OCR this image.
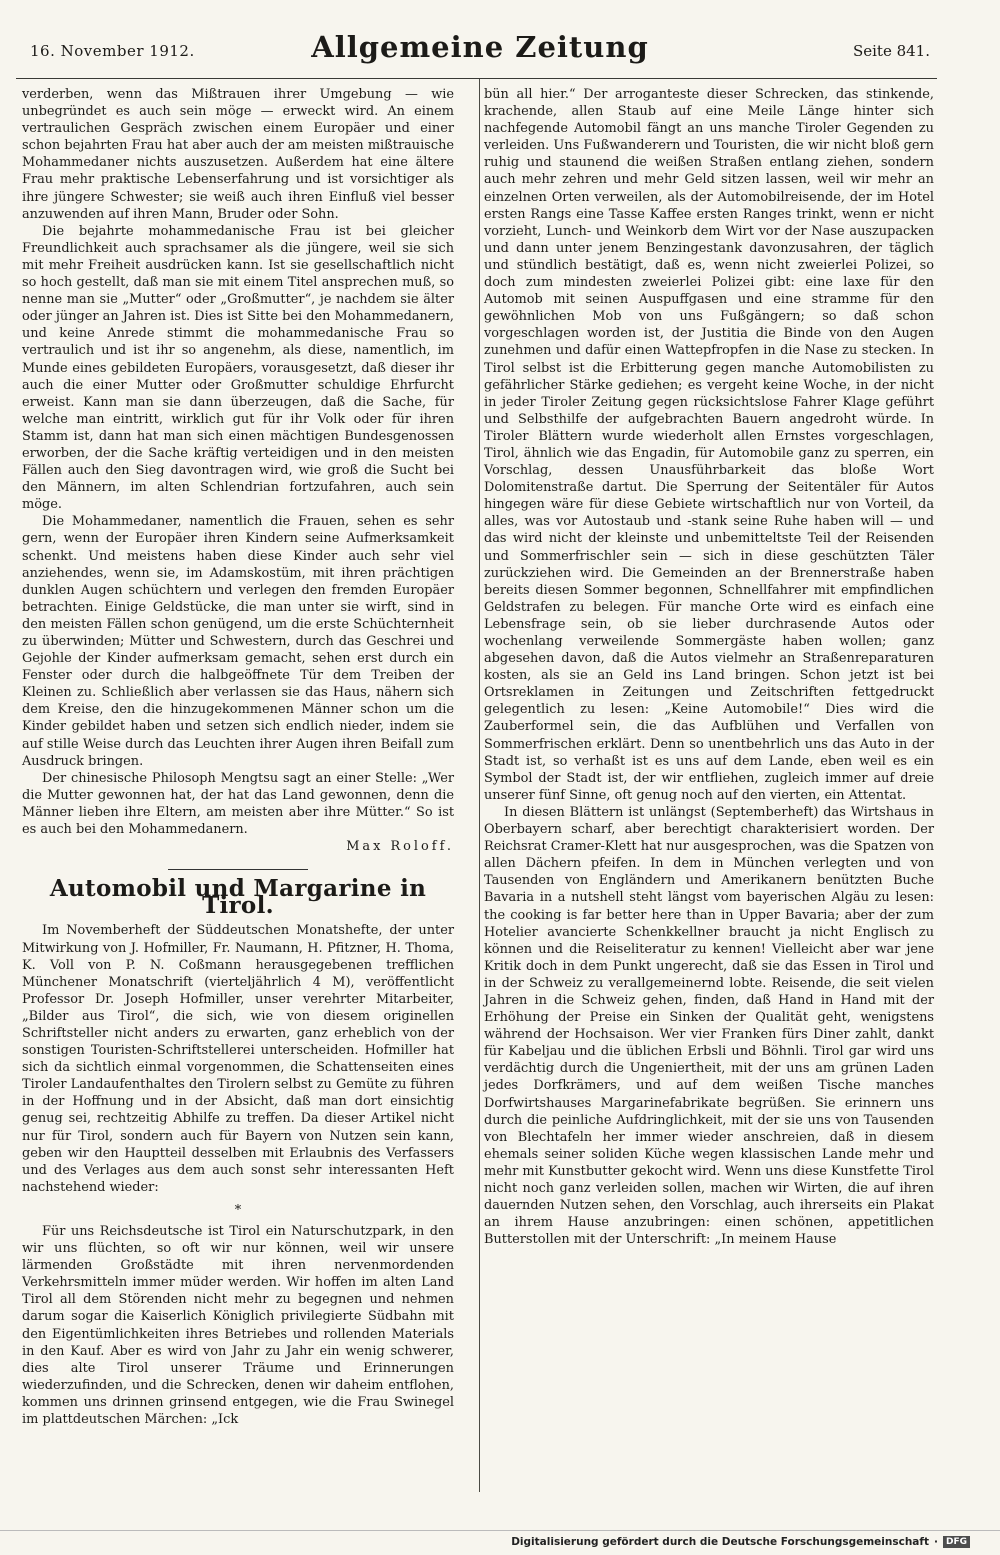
16. November 1912.	Allgemeine Zeitung	Seite 841.

verderben, wenn das Mißtrauen ihrer Umgebung — wie unbegründet es auch sein möge — erweckt wird. An einem vertraulichen Gespräch zwischen einem Europäer und einer schon bejahrten Frau hat aber auch der am meisten mißtrauische Mohammedaner nichts auszusetzen. Außerdem hat eine ältere Frau mehr praktische Lebenserfahrung und ist vorsichtiger als ihre jüngere Schwester; sie weiß auch ihren Einfluß viel besser anzuwenden auf ihren Mann, Bruder oder Sohn.

Die bejahrte mohammedanische Frau ist bei gleicher Freundlichkeit auch sprachsamer als die jüngere, weil sie sich mit mehr Freiheit ausdrücken kann. Ist sie gesellschaftlich nicht so hoch gestellt, daß man sie mit einem Titel ansprechen muß, so nenne man sie „Mutter“ oder „Großmutter“, je nachdem sie älter oder jünger an Jahren ist. Dies ist Sitte bei den Mohammedanern, und keine Anrede stimmt die mohammedanische Frau so vertraulich und ist ihr so angenehm, als diese, namentlich, im Munde eines gebildeten Europäers, vorausgesetzt, daß dieser ihr auch die einer Mutter oder Großmutter schuldige Ehrfurcht erweist. Kann man sie dann überzeugen, daß die Sache, für welche man eintritt, wirklich gut für ihr Volk oder für ihren Stamm ist, dann hat man sich einen mächtigen Bundesgenossen erworben, der die Sache kräftig verteidigen und in den meisten Fällen auch den Sieg davontragen wird, wie groß die Sucht bei den Männern, im alten Schlendrian fortzufahren, auch sein möge.

Die Mohammedaner, namentlich die Frauen, sehen es sehr gern, wenn der Europäer ihren Kindern seine Aufmerksamkeit schenkt. Und meistens haben diese Kinder auch sehr viel anziehendes, wenn sie, im Adamskostüm, mit ihren prächtigen dunklen Augen schüchtern und verlegen den fremden Europäer betrachten. Einige Geldstücke, die man unter sie wirft, sind in den meisten Fällen schon genügend, um die erste Schüchternheit zu überwinden; Mütter und Schwestern, durch das Geschrei und Gejohle der Kinder aufmerksam gemacht, sehen erst durch ein Fenster oder durch die halbgeöffnete Tür dem Treiben der Kleinen zu. Schließlich aber verlassen sie das Haus, nähern sich dem Kreise, den die hinzugekommenen Männer schon um die Kinder gebildet haben und setzen sich endlich nieder, indem sie auf stille Weise durch das Leuchten ihrer Augen ihren Beifall zum Ausdruck bringen.

Der chinesische Philosoph Mengtsu sagt an einer Stelle: „Wer die Mutter gewonnen hat, der hat das Land gewonnen, denn die Männer lieben ihre Eltern, am meisten aber ihre Mütter.“ So ist es auch bei den Mohammedanern.

Max Roloff.

Automobil und Margarine in Tirol.

Im Novemberheft der Süddeutschen Monatshefte, der unter Mitwirkung von J. Hofmiller, Fr. Naumann, H. Pfitzner, H. Thoma, K. Voll von P. N. Coßmann herausgegebenen trefflichen Münchener Monatschrift (vierteljährlich 4 M), veröffentlicht Professor Dr. Joseph Hofmiller, unser verehrter Mitarbeiter, „Bilder aus Tirol“, die sich, wie von diesem originellen Schriftsteller nicht anders zu erwarten, ganz erheblich von der sonstigen Touristen-Schriftstellerei unterscheiden. Hofmiller hat sich da sichtlich einmal vorgenommen, die Schattenseiten eines Tiroler Landaufenthaltes den Tirolern selbst zu Gemüte zu führen in der Hoffnung und in der Absicht, daß man dort einsichtig genug sei, rechtzeitig Abhilfe zu treffen. Da dieser Artikel nicht nur für Tirol, sondern auch für Bayern von Nutzen sein kann, geben wir den Hauptteil desselben mit Erlaubnis des Verfassers und des Verlages aus dem auch sonst sehr interessanten Heft nachstehend wieder:

*

Für uns Reichsdeutsche ist Tirol ein Naturschutzpark, in den wir uns flüchten, so oft wir nur können, weil wir unsere lärmenden Großstädte mit ihren nervenmordenden Verkehrsmitteln immer müder werden. Wir hoffen im alten Land Tirol all dem Störenden nicht mehr zu begegnen und nehmen darum sogar die Kaiserlich Königlich privilegierte Südbahn mit den Eigentümlichkeiten ihres Betriebes und rollenden Materials in den Kauf. Aber es wird von Jahr zu Jahr ein wenig schwerer, dies alte Tirol unserer Träume und Erinnerungen wiederzufinden, und die Schrecken, denen wir daheim entflohen, kommen uns drinnen grinsend entgegen, wie die Frau Swinegel im plattdeutschen Märchen: „Ick

bün all hier.“ Der arroganteste dieser Schrecken, das stinkende, krachende, allen Staub auf eine Meile Länge hinter sich nachfegende Automobil fängt an uns manche Tiroler Gegenden zu verleiden. Uns Fußwanderern und Touristen, die wir nicht bloß gern ruhig und staunend die weißen Straßen entlang ziehen, sondern auch mehr zehren und mehr Geld sitzen lassen, weil wir mehr an einzelnen Orten verweilen, als der Automobilreisende, der im Hotel ersten Rangs eine Tasse Kaffee ersten Ranges trinkt, wenn er nicht vorzieht, Lunch- und Weinkorb dem Wirt vor der Nase auszupacken und dann unter jenem Benzingestank davonzusahren, der täglich und stündlich bestätigt, daß es, wenn nicht zweierlei Polizei, so doch zum mindesten zweierlei Polizei gibt: eine laxe für den Automob mit seinen Auspuffgasen und eine stramme für den gewöhnlichen Mob von uns Fußgängern; so daß schon vorgeschlagen worden ist, der Justitia die Binde von den Augen zunehmen und dafür einen Wattepfropfen in die Nase zu stecken. In Tirol selbst ist die Erbitterung gegen manche Automobilisten zu gefährlicher Stärke gediehen; es vergeht keine Woche, in der nicht in jeder Tiroler Zeitung gegen rücksichtslose Fahrer Klage geführt und Selbsthilfe der aufgebrachten Bauern angedroht würde. In Tiroler Blättern wurde wiederholt allen Ernstes vorgeschlagen, Tirol, ähnlich wie das Engadin, für Automobile ganz zu sperren, ein Vorschlag, dessen Unausführbarkeit das bloße Wort Dolomitenstraße dartut. Die Sperrung der Seitentäler für Autos hingegen wäre für diese Gebiete wirtschaftlich nur von Vorteil, da alles, was vor Autostaub und -stank seine Ruhe haben will — und das wird nicht der kleinste und unbemitteltste Teil der Reisenden und Sommerfrischler sein — sich in diese geschützten Täler zurückziehen wird. Die Gemeinden an der Brennerstraße haben bereits diesen Sommer begonnen, Schnellfahrer mit empfindlichen Geldstrafen zu belegen. Für manche Orte wird es einfach eine Lebensfrage sein, ob sie lieber durchrasende Autos oder wochenlang verweilende Sommergäste haben wollen; ganz abgesehen davon, daß die Autos vielmehr an Straßenreparaturen kosten, als sie an Geld ins Land bringen. Schon jetzt ist bei Ortsreklamen in Zeitungen und Zeitschriften fettgedruckt gelegentlich zu lesen: „Keine Automobile!“ Dies wird die Zauberformel sein, die das Aufblühen und Verfallen von Sommerfrischen erklärt. Denn so unentbehrlich uns das Auto in der Stadt ist, so verhaßt ist es uns auf dem Lande, eben weil es ein Symbol der Stadt ist, der wir entfliehen, zugleich immer auf dreie unserer fünf Sinne, oft genug noch auf den vierten, ein Attentat.

In diesen Blättern ist unlängst (Septemberheft) das Wirtshaus in Oberbayern scharf, aber berechtigt charakterisiert worden. Der Reichsrat Cramer-Klett hat nur ausgesprochen, was die Spatzen von allen Dächern pfeifen. In dem in München verlegten und von Tausenden von Engländern und Amerikanern benützten Buche Bavaria in a nutshell steht längst vom bayerischen Algäu zu lesen: the cooking is far better here than in Upper Bavaria; aber der zum Hotelier avancierte Schenkkellner braucht ja nicht Englisch zu können und die Reiseliteratur zu kennen! Vielleicht aber war jene Kritik doch in dem Punkt ungerecht, daß sie das Essen in Tirol und in der Schweiz zu verallgemeinernd lobte. Reisende, die seit vielen Jahren in die Schweiz gehen, finden, daß Hand in Hand mit der Erhöhung der Preise ein Sinken der Qualität geht, wenigstens während der Hochsaison. Wer vier Franken fürs Diner zahlt, dankt für Kabeljau und die üblichen Erbsli und Böhnli. Tirol gar wird uns verdächtig durch die Ungeniertheit, mit der uns am grünen Laden jedes Dorfkrämers, und auf dem weißen Tische manches Dorfwirtshauses Margarinefabrikate begrüßen. Sie erinnern uns durch die peinliche Aufdringlichkeit, mit der sie uns von Tausenden von Blechtafeln her immer wieder anschreien, daß in diesem ehemals seiner soliden Küche wegen klassischen Lande mehr und mehr mit Kunstbutter gekocht wird. Wenn uns diese Kunstfette Tirol nicht noch ganz verleiden sollen, machen wir Wirten, die auf ihren dauernden Nutzen sehen, den Vorschlag, auch ihrerseits ein Plakat an ihrem Hause anzubringen: einen schönen, appetitlichen Butterstollen mit der Unterschrift: „In meinem Hause

Digitalisierung gefördert durch die Deutsche Forschungsgemeinschaft · DFG
